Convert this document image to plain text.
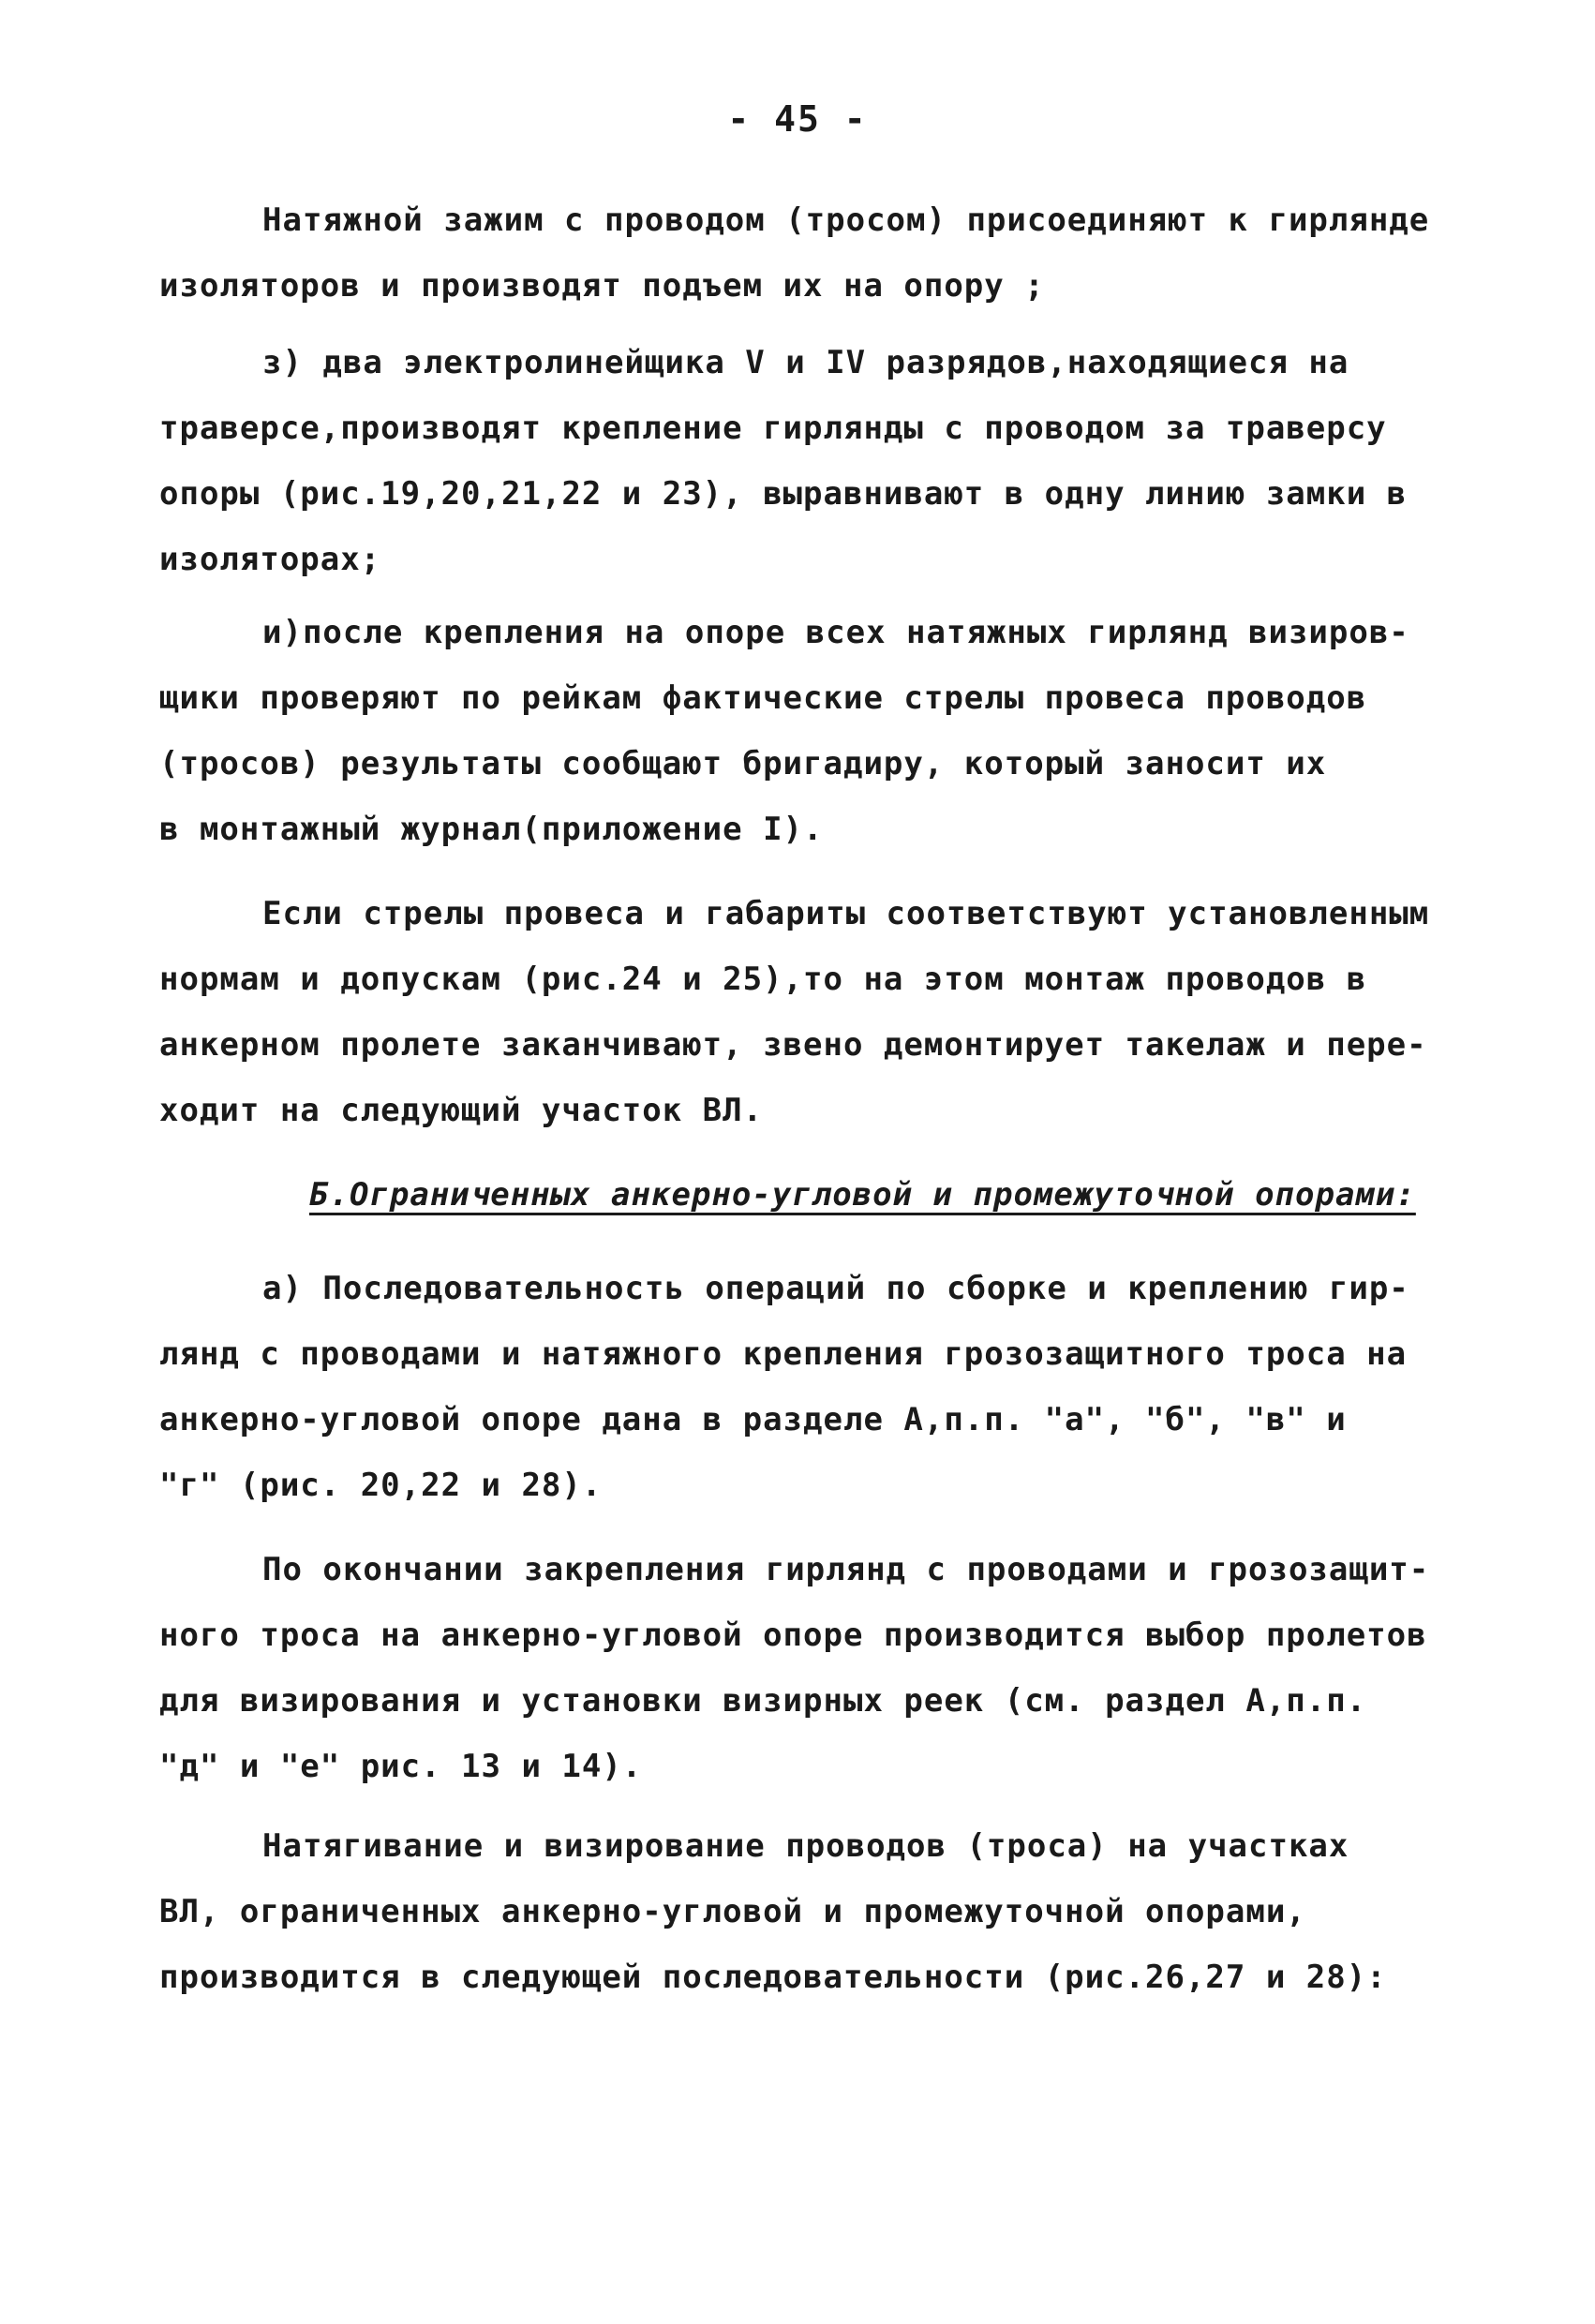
- 45 -
Натяжной зажим с проводом (тросом) присоединяют к гирлянде
изоляторов и производят подъем их на опору ;
з) два электролинейщика V и IV разрядов,находящиеся на
траверсе,производят крепление гирлянды с проводом за траверсу
опоры (рис.19,20,21,22 и 23), выравнивают в одну линию замки в
изоляторах;
и)после крепления на опоре всех натяжных гирлянд визиров-
щики проверяют по рейкам фактические стрелы провеса проводов
(тросов) результаты сообщают бригадиру, который заносит их
в монтажный журнал(приложение I).
Если стрелы провеса и габариты соответствуют установленным
нормам и допускам (рис.24 и 25),то на этом монтаж проводов в
анкерном пролете заканчивают, звено демонтирует такелаж и пере-
ходит на следующий участок ВЛ.
Б.Ограниченных анкерно-угловой и промежуточной опорами:
а) Последовательность операций по сборке и креплению гир-
лянд с проводами и натяжного крепления грозозащитного троса на
анкерно-угловой опоре дана в разделе А,п.п. "а", "б", "в" и
"г" (рис. 20,22 и 28).
По окончании закрепления гирлянд с проводами и грозозащит-
ного троса на анкерно-угловой опоре производится выбор пролетов
для визирования и установки визирных реек (см. раздел А,п.п.
"д" и "е" рис. 13 и 14).
Натягивание и визирование проводов (троса) на участках
ВЛ, ограниченных анкерно-угловой и промежуточной опорами,
производится в следующей последовательности (рис.26,27 и 28):
